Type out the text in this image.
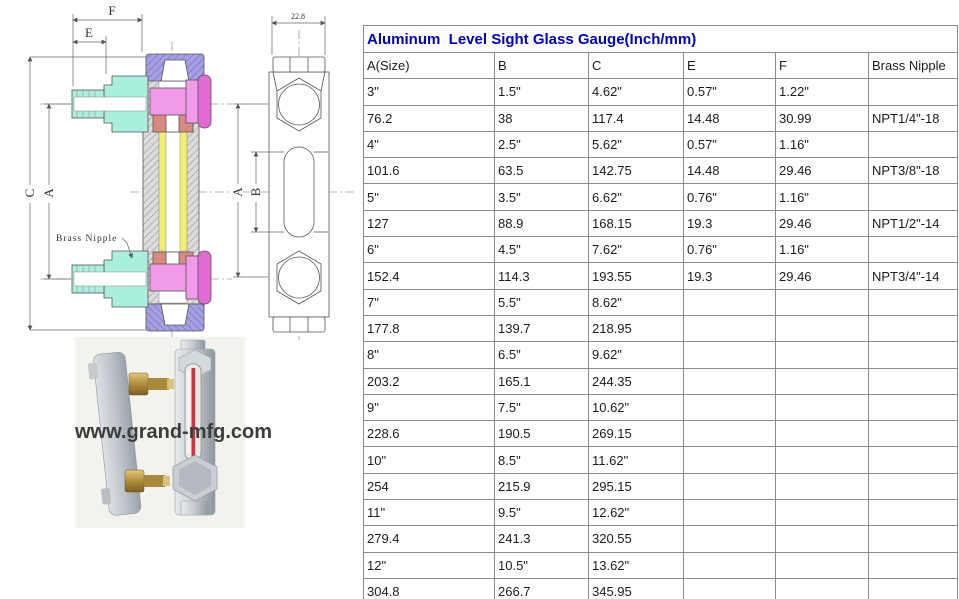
F
E
C A
Brass Nipple
22.8
A B
www.grand-mfg.com
Aluminum  Level Sight Glass Gauge(Inch/mm)					
A(Size)	B	C	E	F	Brass Nipple
3"	1.5"	4.62"	0.57"	1.22"	
76.2	38	117.4	14.48	30.99	NPT1/4"-18
4"	2.5"	5.62"	0.57"	1.16"	
101.6	63.5	142.75	14.48	29.46	NPT3/8"-18
5"	3.5"	6.62"	0.76"	1.16"	
127	88.9	168.15	19.3	29.46	NPT1/2"-14
6"	4.5"	7.62"	0.76"	1.16"	
152.4	114.3	193.55	19.3	29.46	NPT3/4"-14
7"	5.5"	8.62"			
177.8	139.7	218.95			
8"	6.5"	9.62"			
203.2	165.1	244.35			
9"	7.5"	10.62"			
228.6	190.5	269.15			
10"	8.5"	11.62"			
254	215.9	295.15			
11"	9.5"	12.62"			
279.4	241.3	320.55			
12"	10.5"	13.62"			
304.8	266.7	345.95			
